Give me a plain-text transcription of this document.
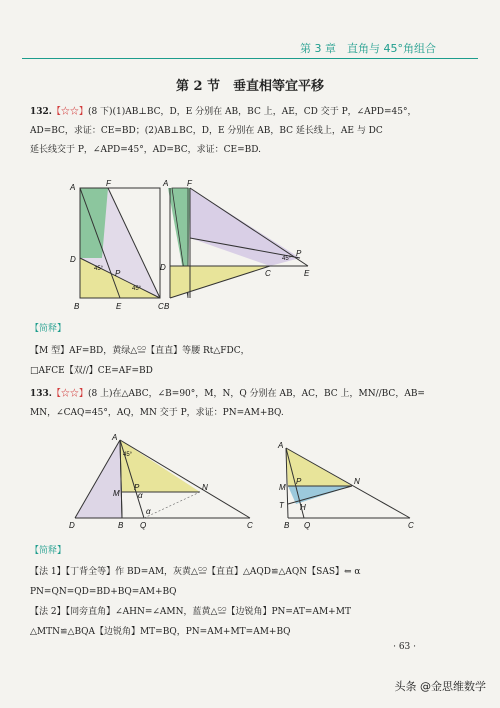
第 3 章　直角与 45°角组合
第 2 节　垂直相等宜平移
132.【☆☆】(8 下)(1)AB⊥BC，D，E 分别在 AB，BC 上，AE，CD 交于 P，∠APD=45°，
AD=BC，求证：CE=BD；(2)AB⊥BC，D，E 分别在 AB，BC 延长线上，AE 与 DC
延长线交于 P，∠APD=45°，AD=BC，求证：CE=BD.
A	F
D
P
45°
45°
B	E	C
A F
D
B
C
45°
P
E
【简释】
【M 型】AF=BD，黄绿△≌【直直】等腰 Rt△FDC，
□AFCE【双//】CE=AF=BD
133.【☆☆】(8 上)在△ABC，∠B=90°，M，N，Q 分别在 AB，AC，BC 上，MN//BC，AB=
MN，∠CAQ=45°，AQ，MN 交于 P，求证：PN=AM+BQ.
A
45°
M
P	N
α
α
D	B Q	C
A
M
P	N
T H
B Q	C
【简释】
【法 1】【丁背全等】作 BD=AM，灰黄△≌【直直】△AQD≌△AQN【SAS】⇐ α
PN=QN=QD=BD+BQ=AM+BQ
【法 2】【同旁直角】∠AHN=∠AMN，蓝黄△≌【边锐角】PN=AT=AM+MT
△MTN≌△BQA【边锐角】MT=BQ，PN=AM+MT=AM+BQ
· 63 ·
头条 @金思维数学
